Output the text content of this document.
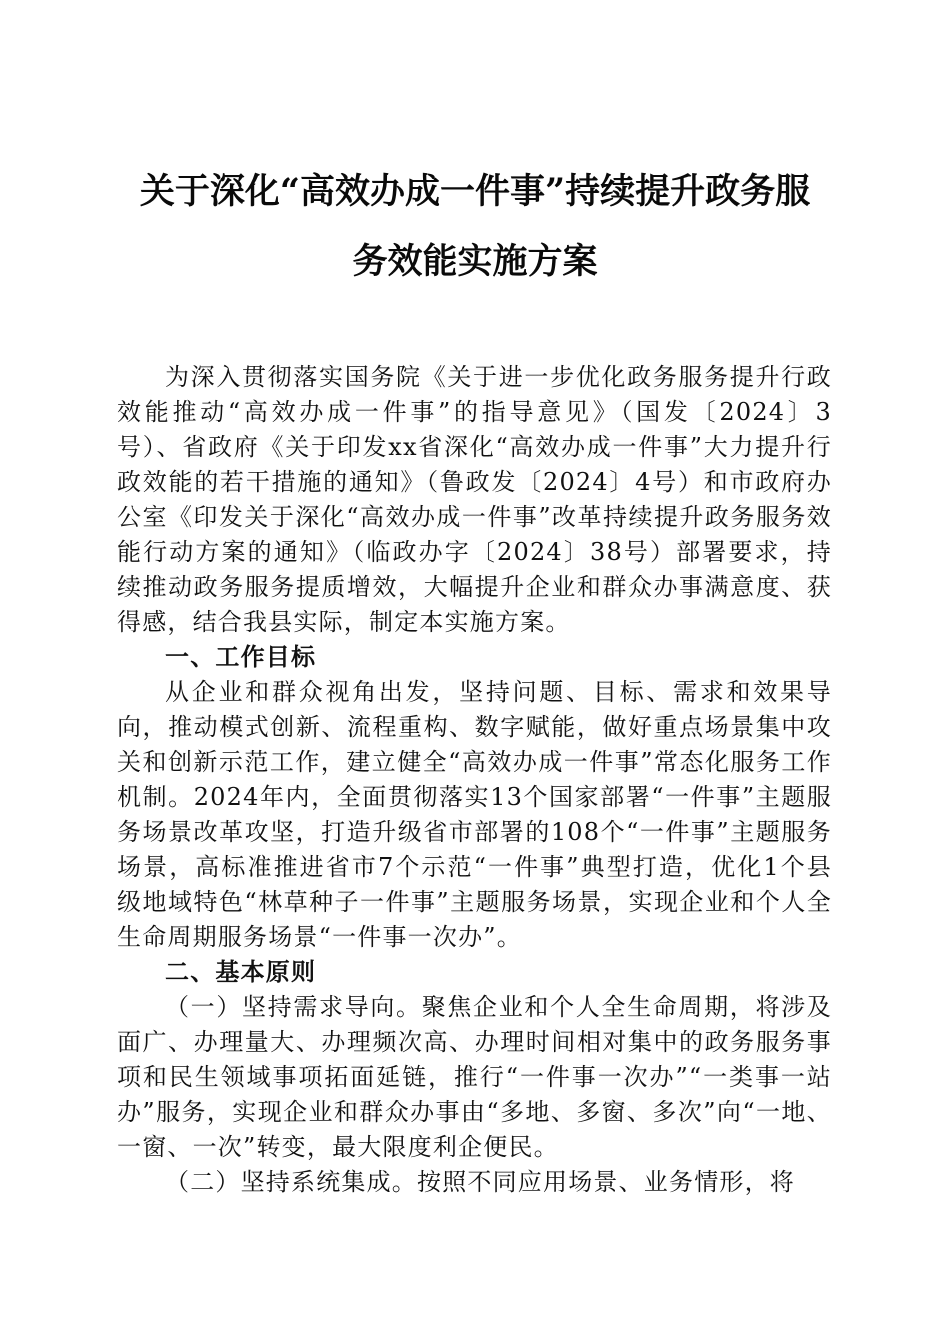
关于深化“高效办成一件事”持续提升政务服
务效能实施方案

为深入贯彻落实国务院《关于进一步优化政务服务提升行政效能推动“高效办成一件事”的指导意见》（国发〔2024〕3号）、省政府《关于印发xx省深化“高效办成一件事”大力提升行政效能的若干措施的通知》（鲁政发〔2024〕4号）和市政府办公室《印发关于深化“高效办成一件事”改革持续提升政务服务效能行动方案的通知》（临政办字〔2024〕38号）部署要求，持续推动政务服务提质增效，大幅提升企业和群众办事满意度、获得感，结合我县实际，制定本实施方案。

一、工作目标

从企业和群众视角出发，坚持问题、目标、需求和效果导向，推动模式创新、流程重构、数字赋能，做好重点场景集中攻关和创新示范工作，建立健全“高效办成一件事”常态化服务工作机制。2024年内，全面贯彻落实13个国家部署“一件事”主题服务场景改革攻坚，打造升级省市部署的108个“一件事”主题服务场景，高标准推进省市7个示范“一件事”典型打造，优化1个县级地域特色“林草种子一件事”主题服务场景，实现企业和个人全生命周期服务场景“一件事一次办”。

二、基本原则

（一）坚持需求导向。聚焦企业和个人全生命周期，将涉及面广、办理量大、办理频次高、办理时间相对集中的政务服务事项和民生领域事项拓面延链，推行“一件事一次办”“一类事一站办”服务，实现企业和群众办事由“多地、多窗、多次”向“一地、一窗、一次”转变，最大限度利企便民。

（二）坚持系统集成。按照不同应用场景、业务情形，将
